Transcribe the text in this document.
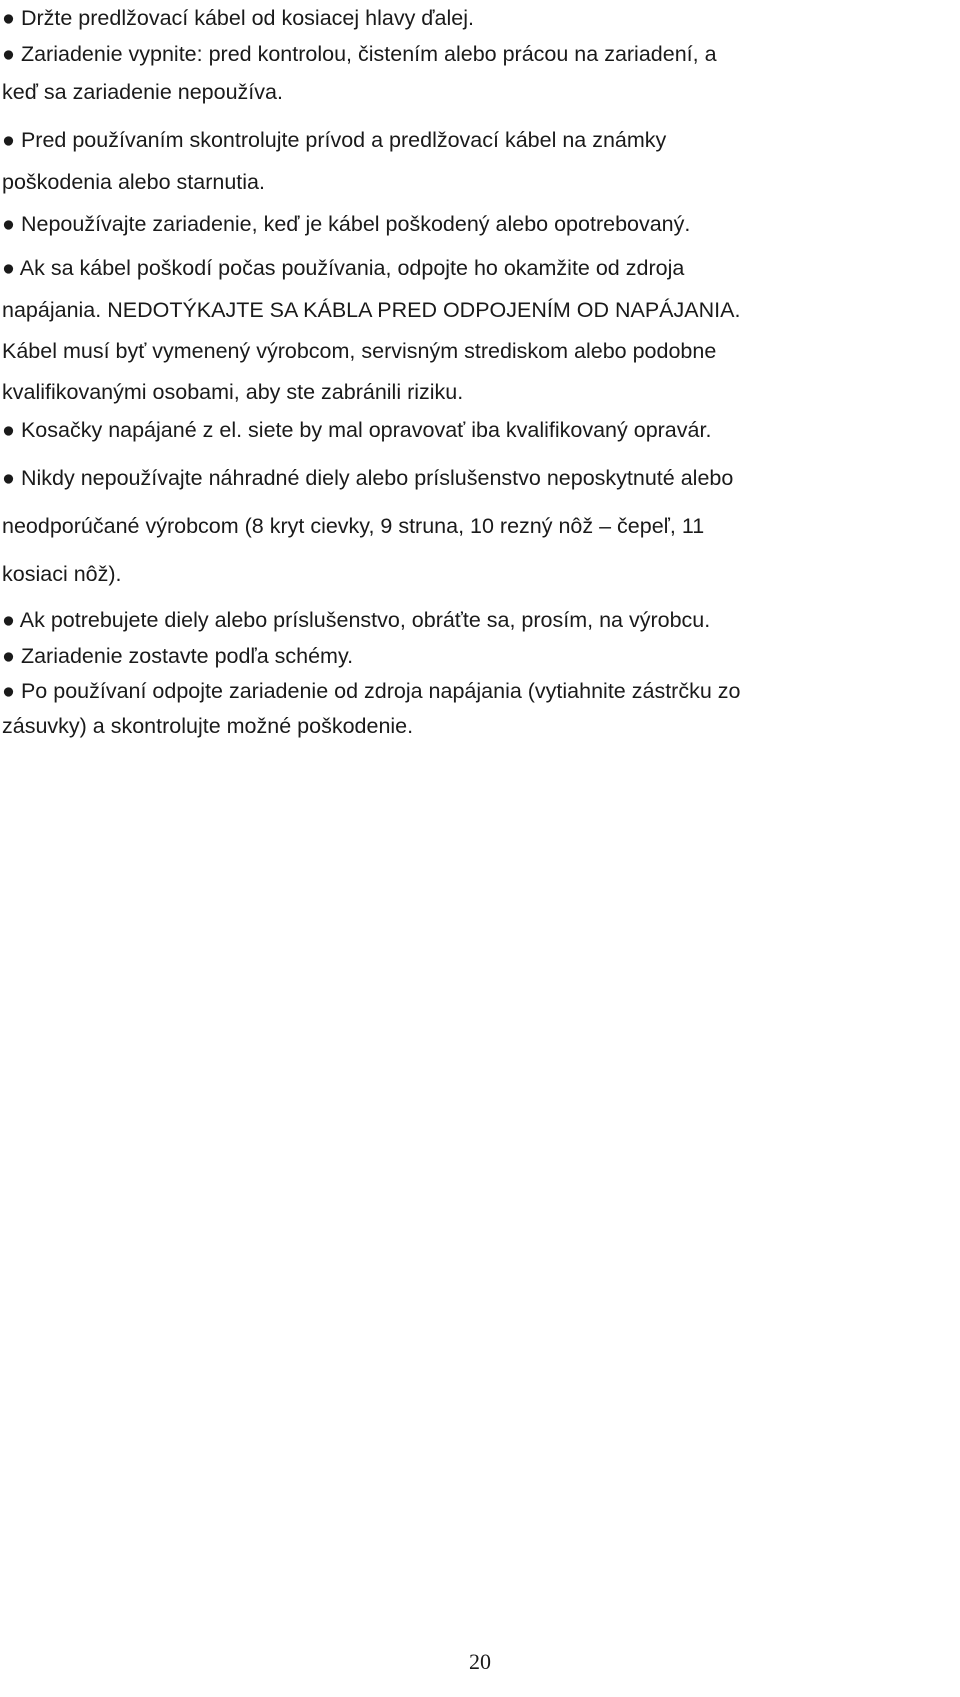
● Držte predlžovací kábel od kosiacej hlavy ďalej.
● Zariadenie vypnite: pred kontrolou, čistením alebo prácou na zariadení, a
keď sa zariadenie nepoužíva.
● Pred používaním skontrolujte prívod a predlžovací kábel na známky
poškodenia alebo starnutia.
● Nepoužívajte zariadenie, keď je kábel poškodený alebo opotrebovaný.
● Ak sa kábel poškodí počas používania, odpojte ho okamžite od zdroja
napájania. NEDOTÝKAJTE SA KÁBLA PRED ODPOJENÍM OD NAPÁJANIA.
Kábel musí byť vymenený výrobcom, servisným strediskom alebo podobne
kvalifikovanými osobami, aby ste zabránili riziku.
● Kosačky napájané z el. siete by mal opravovať iba kvalifikovaný opravár.
● Nikdy nepoužívajte náhradné diely alebo príslušenstvo neposkytnuté alebo
neodporúčané výrobcom (8 kryt cievky, 9 struna, 10 rezný nôž – čepeľ, 11
kosiaci nôž).
● Ak potrebujete diely alebo príslušenstvo, obráťte sa, prosím, na výrobcu.
● Zariadenie zostavte podľa schémy.
● Po používaní odpojte zariadenie od zdroja napájania (vytiahnite zástrčku zo
zásuvky) a skontrolujte možné poškodenie.
20
